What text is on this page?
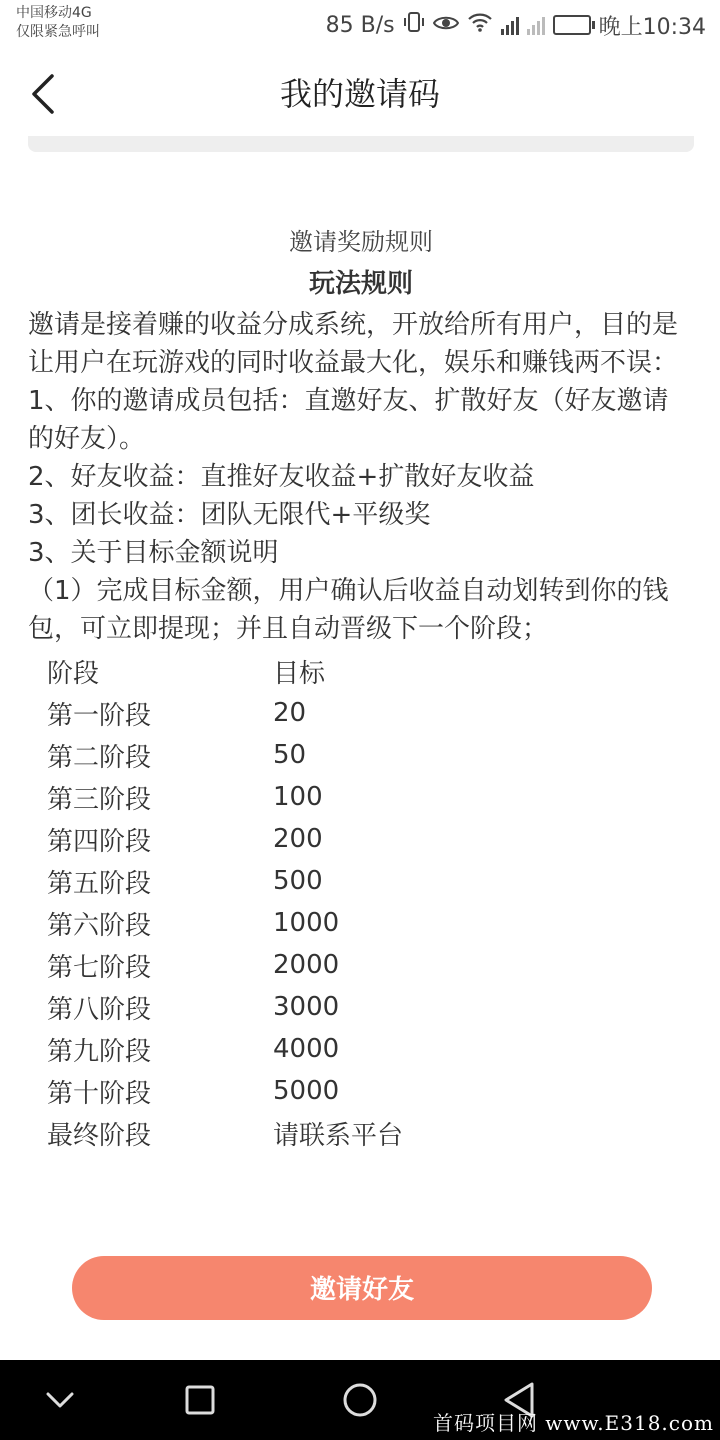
中国移动4G
仅限紧急呼叫	85 B/s	晚上10:34
我的邀请码
邀请奖励规则
玩法规则

邀请是接着赚的收益分成系统，开放给所有用户，目的是让用户在玩游戏的同时收益最大化，娱乐和赚钱两不误：

1、你的邀请成员包括：直邀好友、扩散好友（好友邀请的好友）。

2、好友收益：直推好友收益+扩散好友收益

3、团长收益：团队无限代+平级奖

3、关于目标金额说明

（1）完成目标金额，用户确认后收益自动划转到你的钱包，可立即提现；并且自动晋级下一个阶段；

阶段	目标
第一阶段	20
第二阶段	50
第三阶段	100
第四阶段	200
第五阶段	500
第六阶段	1000
第七阶段	2000
第八阶段	3000
第九阶段	4000
第十阶段	5000
最终阶段	请联系平台
邀请好友
首码项目网 www.E318.com
